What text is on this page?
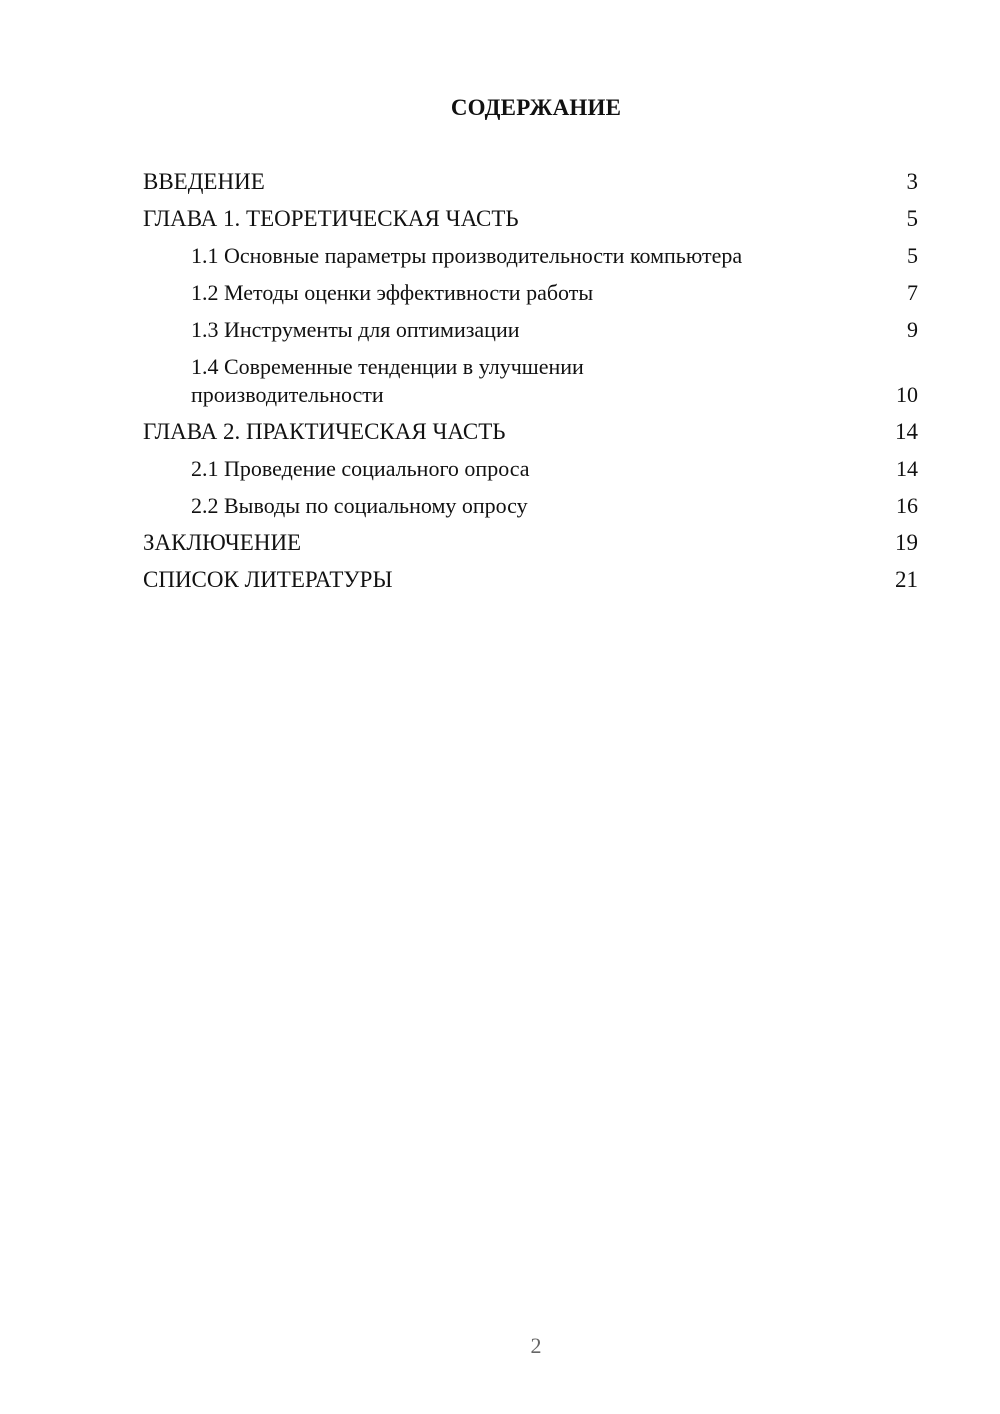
СОДЕРЖАНИЕ
ВВЕДЕНИЕ	3
ГЛАВА 1. ТЕОРЕТИЧЕСКАЯ ЧАСТЬ	5
1.1 Основные параметры производительности компьютера	5
1.2 Методы оценки эффективности работы	7
1.3 Инструменты для оптимизации	9
1.4 Современные тенденции в улучшении производительности	10
ГЛАВА 2. ПРАКТИЧЕСКАЯ ЧАСТЬ	14
2.1 Проведение социального опроса	14
2.2 Выводы по социальному опросу	16
ЗАКЛЮЧЕНИЕ	19
СПИСОК ЛИТЕРАТУРЫ	21
2
